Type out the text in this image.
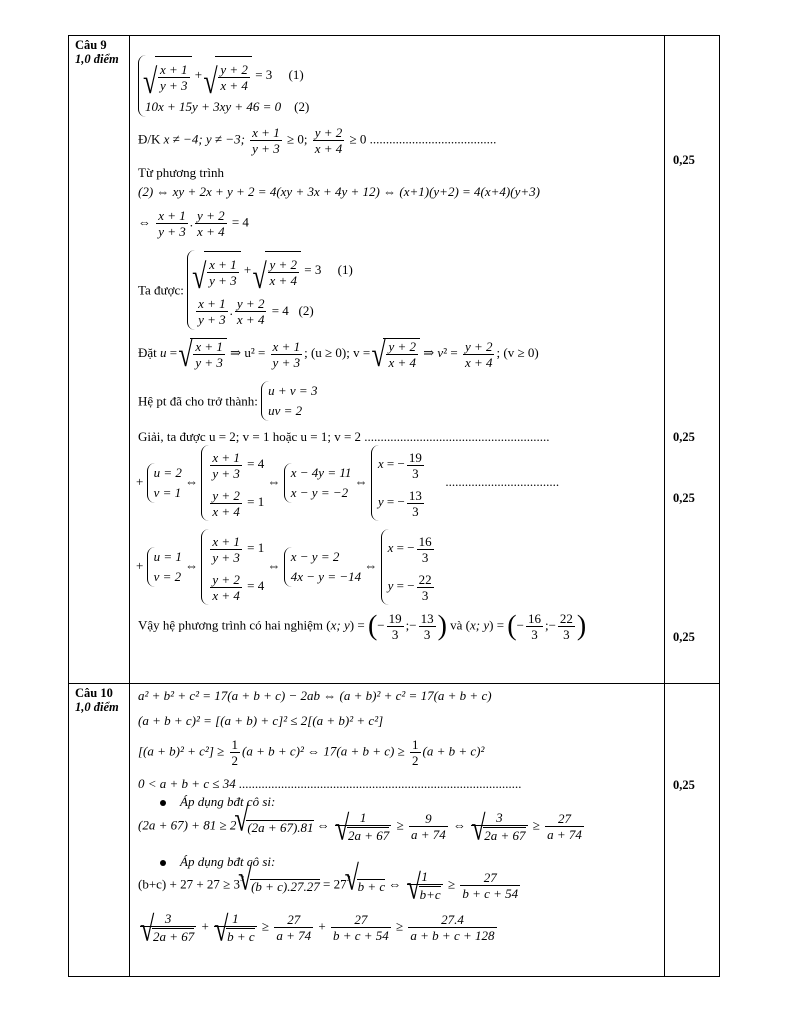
Câu 9
1,0 điểm
Câu 10
1,0 điểm
0,25
0,25
0,25
0,25
0,25
√ $\frac{x + 1}{y + 3}$ + √ $\frac{y + 2}{x + 4} = 3$ (1)
10x + 15y + 3xy + 46 = 0 (2)
Đ/K x ≠ −4; y ≠ −3; $\frac{x + 1}{y + 3} \ge 0$; $\frac{y + 2}{x + 4} \ge 0$ .......................................
Từ phương trình
(2) ⇔ xy + 2x + y + 2 = 4(xy + 3x + 4y + 12) ⇔ (x+1)(y+2) = 4(x+4)(y+3)
⇔ $\frac{x + 1}{y + 3}$ . $\frac{y + 2}{x + 4} = 4$
Ta được:
√ $\frac{x + 1}{y + 3}$ + √ $\frac{y + 2}{x + 4} = 3$     (1)
$\frac{x + 1}{y + 3}$ . $\frac{y + 2}{x + 4} = 4$   (2)
Đặt u = √ $\frac{x + 1}{y + 3}$ ⇒ $u^2 = \frac{x + 1}{y + 3}$ ; (u ≥ 0); v = √ $\frac{y + 2}{x + 4}$ ⇒ $v^2 = \frac{y + 2}{x + 4}$ ; (v ≥ 0)
Hệ pt đã cho trở thành:
u + v = 3
uv = 2
Giải, ta được u = 2; v = 1 hoặc u = 1; v = 2 .........................................................
+
u = 2
v = 1
⇔
$\frac{x + 1}{y + 3} = 4$
$\frac{y + 2}{x + 4} = 1$
⇔
x − 4y = 11
x − y = −2
⇔
x = − $\frac{19}{3}$
y = − $\frac{13}{3}$
...................................
+
u = 1
v = 2
⇔
$\frac{x + 1}{y + 3} = 1$
$\frac{y + 2}{x + 4} = 4$
⇔
x − y = 2
4x − y = −14
⇔
x = − $\frac{16}{3}$
y = − $\frac{22}{3}$
Vậy hệ phương trình có hai nghiệm (x; y) = (− $\frac{19}{3}$ ;− $\frac{13}{3}$ ) và (x; y) = (− $\frac{16}{3}$ ;− $\frac{22}{3}$ )
a² + b² + c² = 17(a + b + c) − 2ab ⇔ (a + b)² + c² = 17(a + b + c)
(a + b + c)² = [(a + b) + c]² ≤ 2[(a + b)² + c²]
$[(a + b)^2 + c^2] \ge \frac{1}{2} (a + b + c)^2$ ⇔ $17(a + b + c) \ge \frac{1}{2} (a + b + c)^2$
0 < a + b + c ≤ 34 .......................................................................................
Áp dụng bđt cô si:
(2a + 67) + 81 ≥ 2 √ (2a + 67).81 ⇔ 1
√ $2a + 67 \ge \frac{9}{a + 74}$ ⇔ 3
√ $2a + 67 \ge \frac{27}{a + 74}$
Áp dụng bđt cô si:
(b+c) + 27 + 27 ≥ 3 √ 3
(b + c).27.27 = 27 √ 3
b + c ⇔ 1
√ $b+c \ge \frac{27}{b + c + 54}$
3
√ 2a + 67 + 1
√ $b + c \ge \frac{27}{a + 74} + \frac{27}{b + c + 54} \ge \frac{27.4}{a + b + c + 128}$
